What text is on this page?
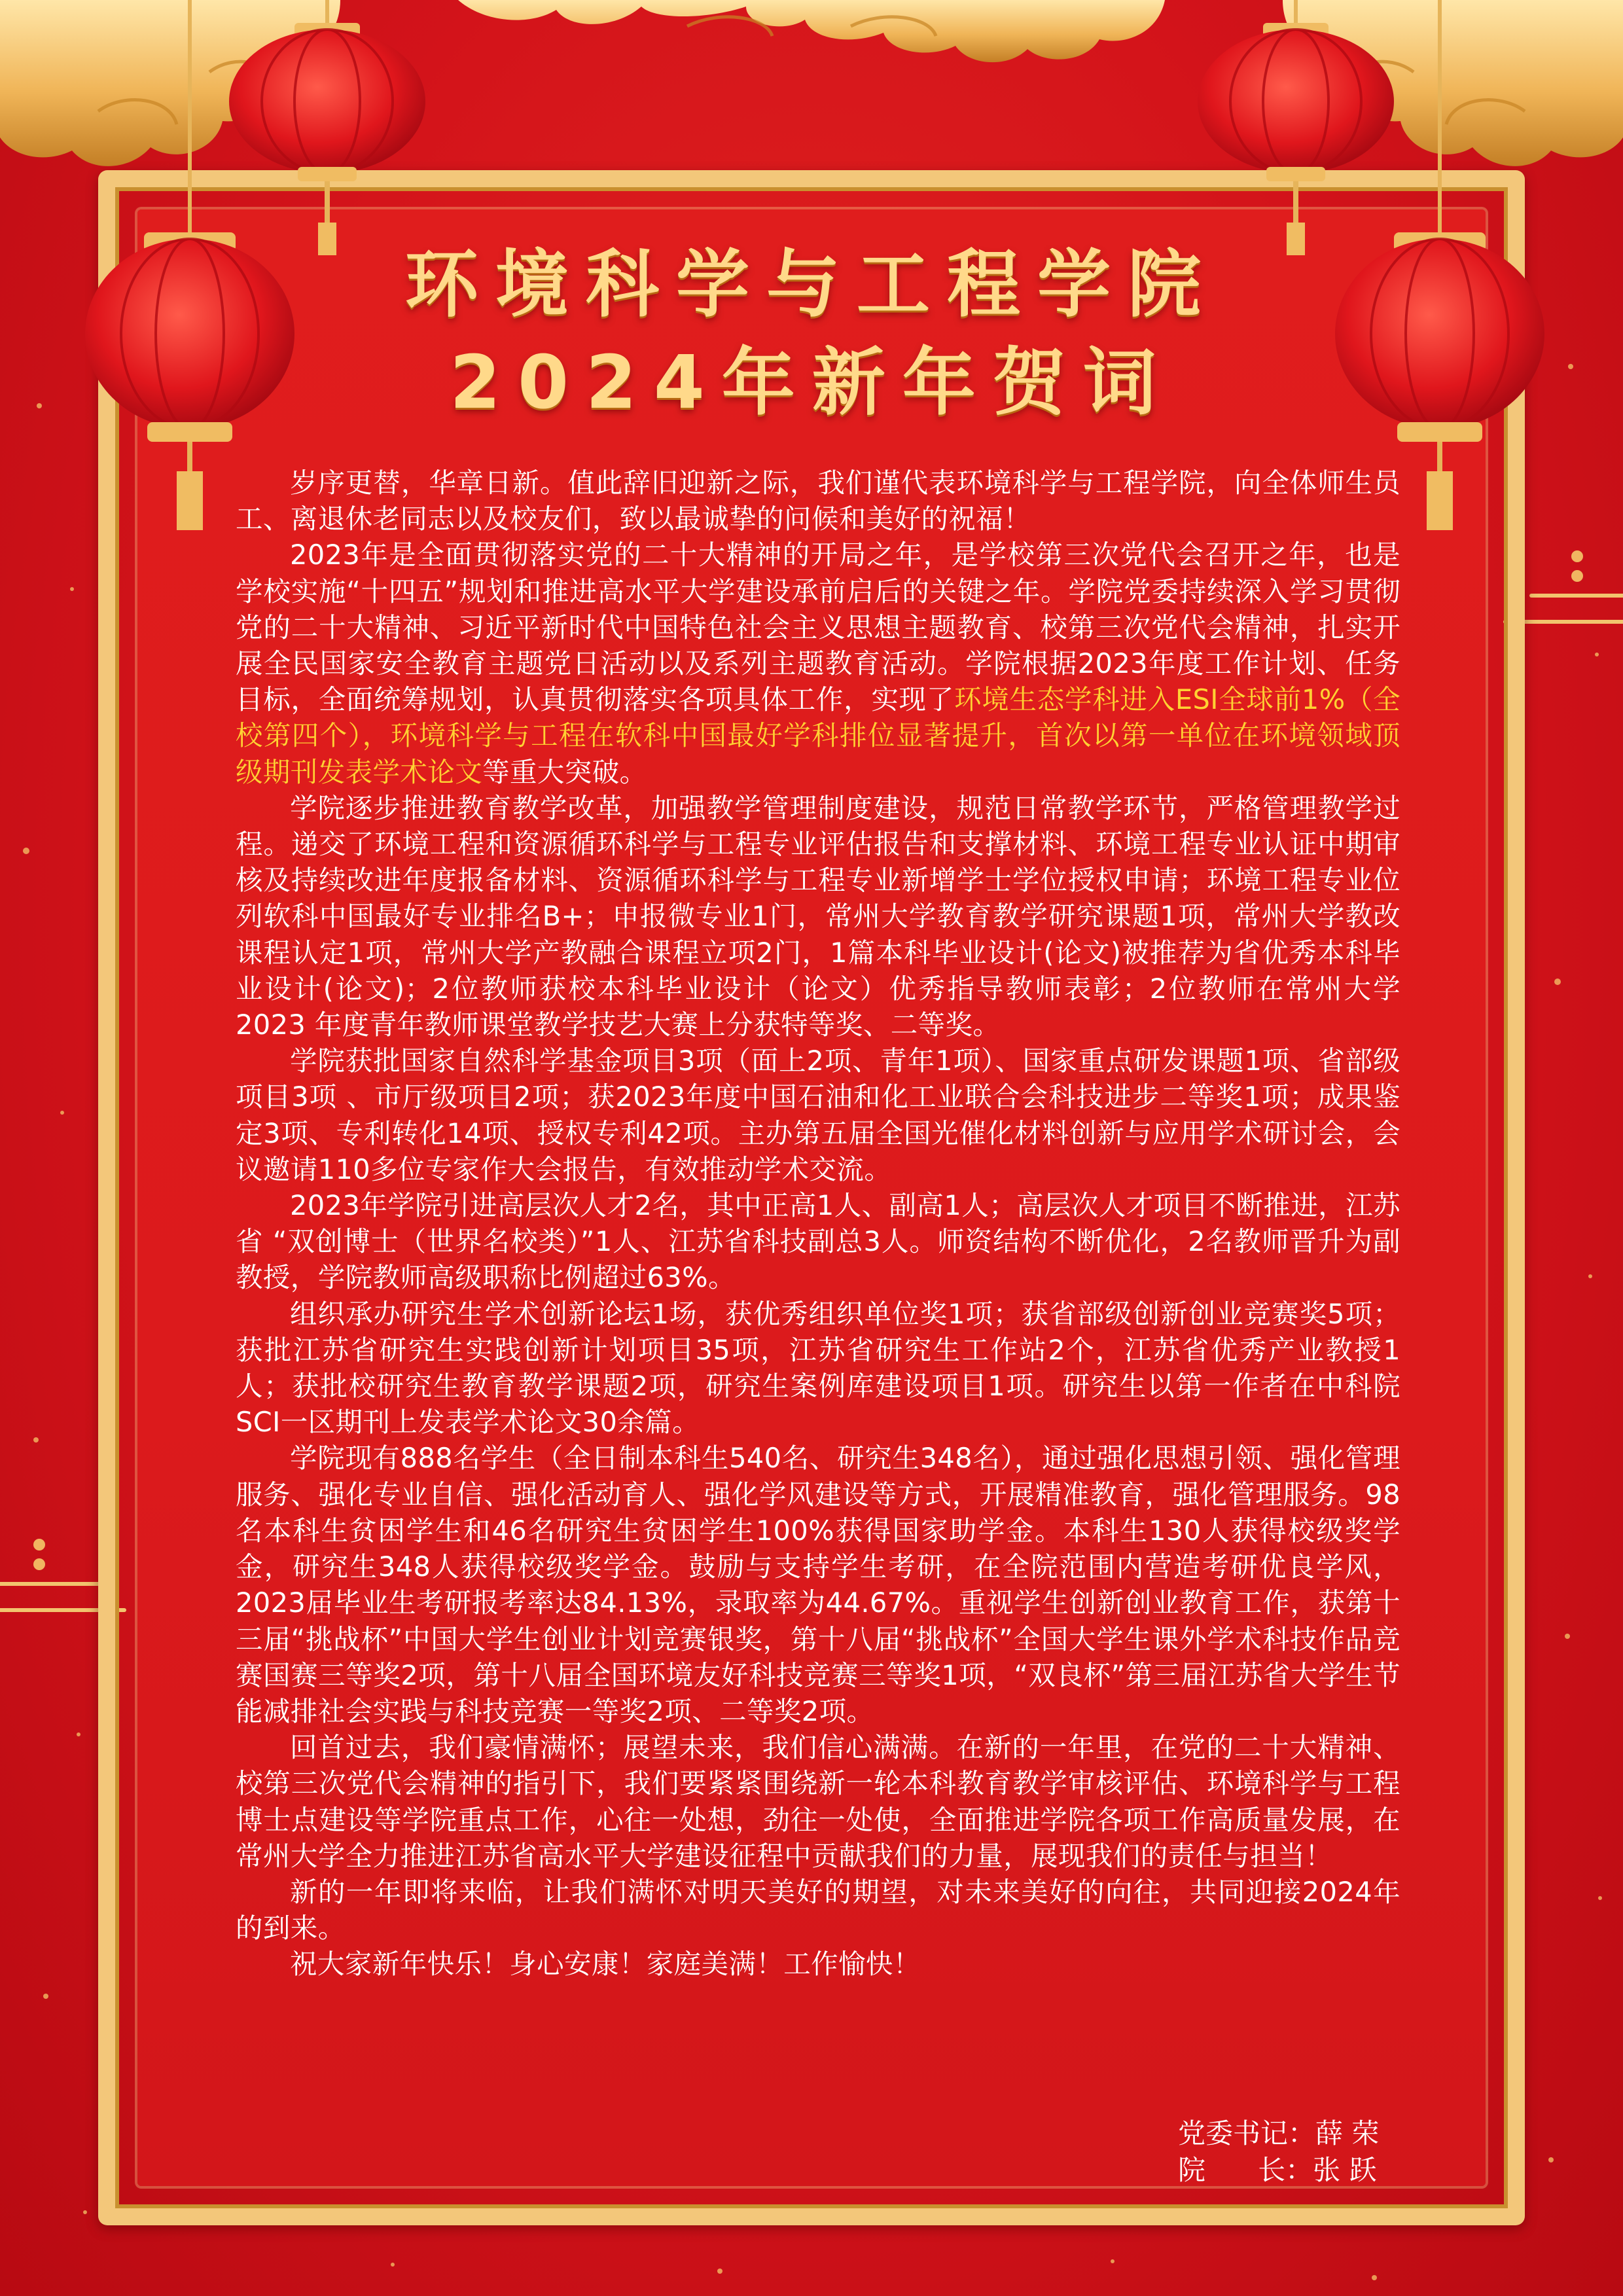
环境科学与工程学院
2024年新年贺词

岁序更替，华章日新。值此辞旧迎新之际，我们谨代表环境科学与工程学院，向全体师生员工、离退休老同志以及校友们，致以最诚挚的问候和美好的祝福！

2023年是全面贯彻落实党的二十大精神的开局之年，是学校第三次党代会召开之年，也是学校实施“十四五”规划和推进高水平大学建设承前启后的关键之年。学院党委持续深入学习贯彻党的二十大精神、习近平新时代中国特色社会主义思想主题教育、校第三次党代会精神，扎实开展全民国家安全教育主题党日活动以及系列主题教育活动。学院根据2023年度工作计划、任务目标，全面统筹规划，认真贯彻落实各项具体工作，实现了环境生态学科进入ESI全球前1%（全校第四个），环境科学与工程在软科中国最好学科排位显著提升，首次以第一单位在环境领域顶级期刊发表学术论文等重大突破。

学院逐步推进教育教学改革，加强教学管理制度建设，规范日常教学环节，严格管理教学过程。递交了环境工程和资源循环科学与工程专业评估报告和支撑材料、环境工程专业认证中期审核及持续改进年度报备材料、资源循环科学与工程专业新增学士学位授权申请；环境工程专业位列软科中国最好专业排名B+；申报微专业1门，常州大学教育教学研究课题1项，常州大学教改课程认定1项，常州大学产教融合课程立项2门，1篇本科毕业设计(论文)被推荐为省优秀本科毕业设计(论文)；2位教师获校本科毕业设计（论文）优秀指导教师表彰；2位教师在常州大学 2023 年度青年教师课堂教学技艺大赛上分获特等奖、二等奖。

学院获批国家自然科学基金项目3项（面上2项、青年1项）、国家重点研发课题1项、省部级项目3项 、市厅级项目2项；获2023年度中国石油和化工业联合会科技进步二等奖1项；成果鉴定3项、专利转化14项、授权专利42项。主办第五届全国光催化材料创新与应用学术研讨会，会议邀请110多位专家作大会报告，有效推动学术交流。

2023年学院引进高层次人才2名，其中正高1人、副高1人；高层次人才项目不断推进，江苏省 “双创博士（世界名校类）”1人、江苏省科技副总3人。师资结构不断优化，2名教师晋升为副教授，学院教师高级职称比例超过63%。

组织承办研究生学术创新论坛1场，获优秀组织单位奖1项；获省部级创新创业竞赛奖5项；获批江苏省研究生实践创新计划项目35项，江苏省研究生工作站2个，江苏省优秀产业教授1人；获批校研究生教育教学课题2项，研究生案例库建设项目1项。研究生以第一作者在中科院SCI一区期刊上发表学术论文30余篇。

学院现有888名学生（全日制本科生540名、研究生348名），通过强化思想引领、强化管理服务、强化专业自信、强化活动育人、强化学风建设等方式，开展精准教育，强化管理服务。98名本科生贫困学生和46名研究生贫困学生100%获得国家助学金。本科生130人获得校级奖学金，研究生348人获得校级奖学金。鼓励与支持学生考研，在全院范围内营造考研优良学风，2023届毕业生考研报考率达84.13%，录取率为44.67%。重视学生创新创业教育工作，获第十三届“挑战杯”中国大学生创业计划竞赛银奖，第十八届“挑战杯”全国大学生课外学术科技作品竞赛国赛三等奖2项，第十八届全国环境友好科技竞赛三等奖1项，“双良杯”第三届江苏省大学生节能减排社会实践与科技竞赛一等奖2项、二等奖2项。

回首过去，我们豪情满怀；展望未来，我们信心满满。在新的一年里，在党的二十大精神、校第三次党代会精神的指引下，我们要紧紧围绕新一轮本科教育教学审核评估、环境科学与工程博士点建设等学院重点工作，心往一处想，劲往一处使，全面推进学院各项工作高质量发展，在常州大学全力推进江苏省高水平大学建设征程中贡献我们的力量，展现我们的责任与担当！

新的一年即将来临，让我们满怀对明天美好的期望，对未来美好的向往，共同迎接2024年的到来。

祝大家新年快乐！身心安康！家庭美满！工作愉快！

党委书记：薛 荣
院      长：张 跃
